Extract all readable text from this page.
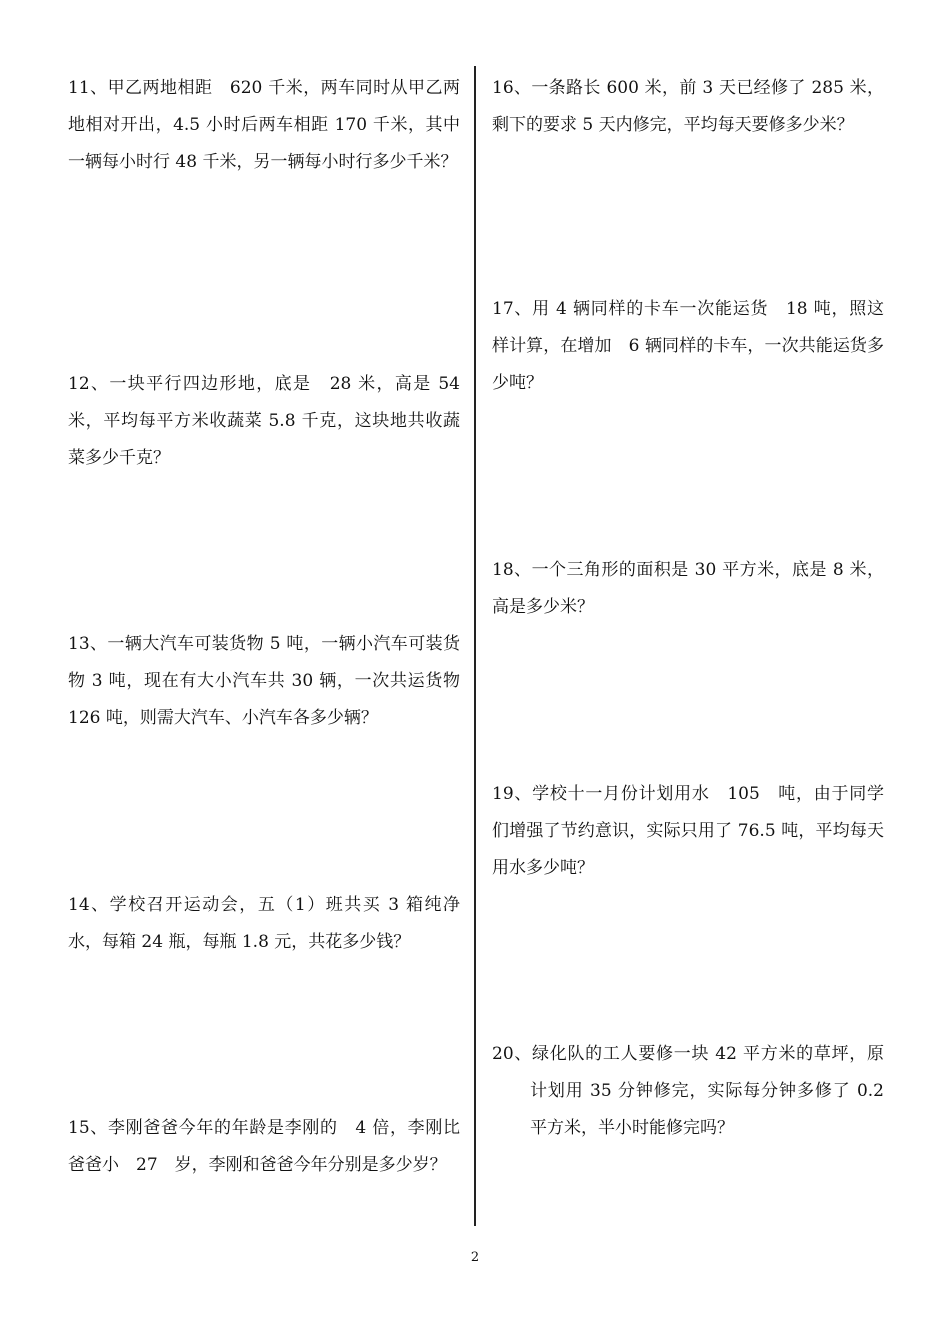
11、甲乙两地相距　620 千米，两车同时从甲乙两地相对开出，4.5 小时后两车相距 170 千米，其中一辆每小时行 48 千米，另一辆每小时行多少千米？

12、一块平行四边形地，底是　28 米，高是 54 米，平均每平方米收蔬菜 5.8 千克，这块地共收蔬菜多少千克？

13、一辆大汽车可装货物 5 吨，一辆小汽车可装货物 3 吨，现在有大小汽车共 30 辆，一次共运货物 126 吨，则需大汽车、小汽车各多少辆？

14、学校召开运动会，五（1）班共买 3 箱纯净水，每箱 24 瓶，每瓶 1.8 元，共花多少钱？

15、李刚爸爸今年的年龄是李刚的　4 倍，李刚比爸爸小　27　岁，李刚和爸爸今年分别是多少岁？

16、一条路长 600 米，前 3 天已经修了 285 米，剩下的要求 5 天内修完，平均每天要修多少米？

17、用 4 辆同样的卡车一次能运货　18 吨，照这样计算，在增加　6 辆同样的卡车，一次共能运货多少吨？

18、一个三角形的面积是 30 平方米，底是 8 米，高是多少米？

19、学校十一月份计划用水　105　吨，由于同学们增强了节约意识，实际只用了 76.5 吨，平均每天用水多少吨？

20、绿化队的工人要修一块 42 平方米的草坪，原计划用 35 分钟修完，实际每分钟多修了 0.2 平方米，半小时能修完吗？

2
